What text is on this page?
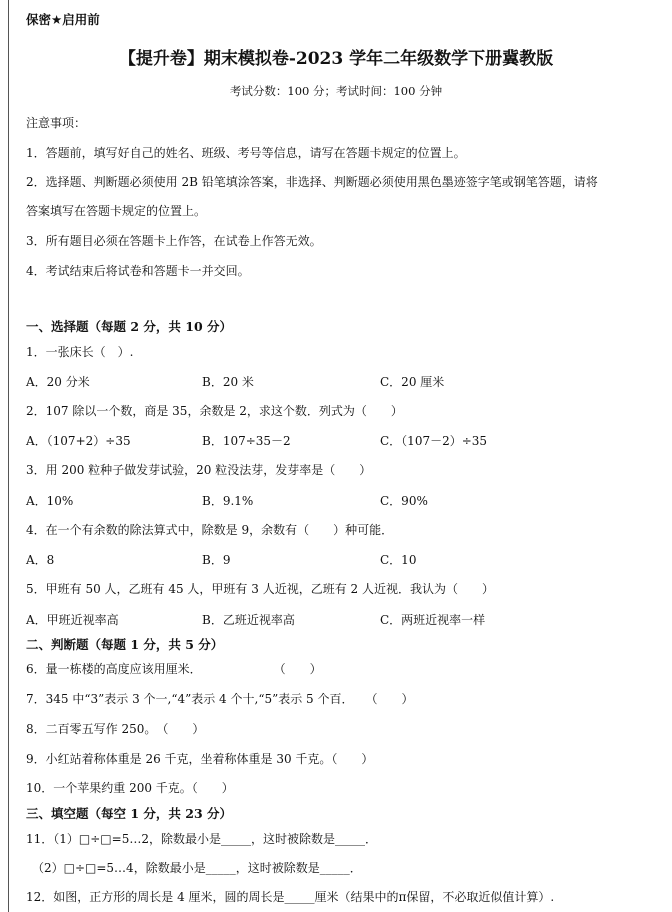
保密★启用前
【提升卷】期末模拟卷-2023 学年二年级数学下册冀教版
考试分数：100 分；考试时间：100 分钟
注意事项：
1．答题前，填写好自己的姓名、班级、考号等信息，请写在答题卡规定的位置上。
2．选择题、判断题必须使用 2B 铅笔填涂答案，非选择、判断题必须使用黑色墨迹签字笔或钢笔答题，请将
答案填写在答题卡规定的位置上。
3．所有题目必须在答题卡上作答，在试卷上作答无效。
4．考试结束后将试卷和答题卡一并交回。
一、选择题（每题 2 分，共 10 分）
1．一张床长（　）.
A．20 分米	B．20 米	C．20 厘米
2．107 除以一个数，商是 35，余数是 2，求这个数．列式为（　　）
A．（107+2）÷35	B．107÷35－2	C．（107－2）÷35
3．用 200 粒种子做发芽试验，20 粒没法芽，发芽率是（　　）
A．10%	B．9.1%	C．90%
4．在一个有余数的除法算式中，除数是 9，余数有（　　）种可能．
A．8	B．9	C．10
5．甲班有 50 人，乙班有 45 人，甲班有 3 人近视，乙班有 2 人近视．我认为（　　）
A．甲班近视率高	B．乙班近视率高	C．两班近视率一样
二、判断题（每题 1 分，共 5 分）
6．量一栋楼的高度应该用厘米．　　　　　　　（　　）
7．345 中“3”表示 3 个一,“4”表示 4 个十,“5”表示 5 个百．　　（　　）
8．二百零五写作 250。　（　　）
9．小红站着称体重是 26 千克，坐着称体重是 30 千克。（　　）
10．一个苹果约重 200 千克。（　　）
三、填空题（每空 1 分，共 23 分）
11．（1）□÷□=5…2，除数最小是_____，这时被除数是_____．
（2）□÷□=5…4，除数最小是_____，这时被除数是_____．
12．如图，正方形的周长是 4 厘米，圆的周长是_____厘米（结果中的π保留，不必取近似值计算）.
